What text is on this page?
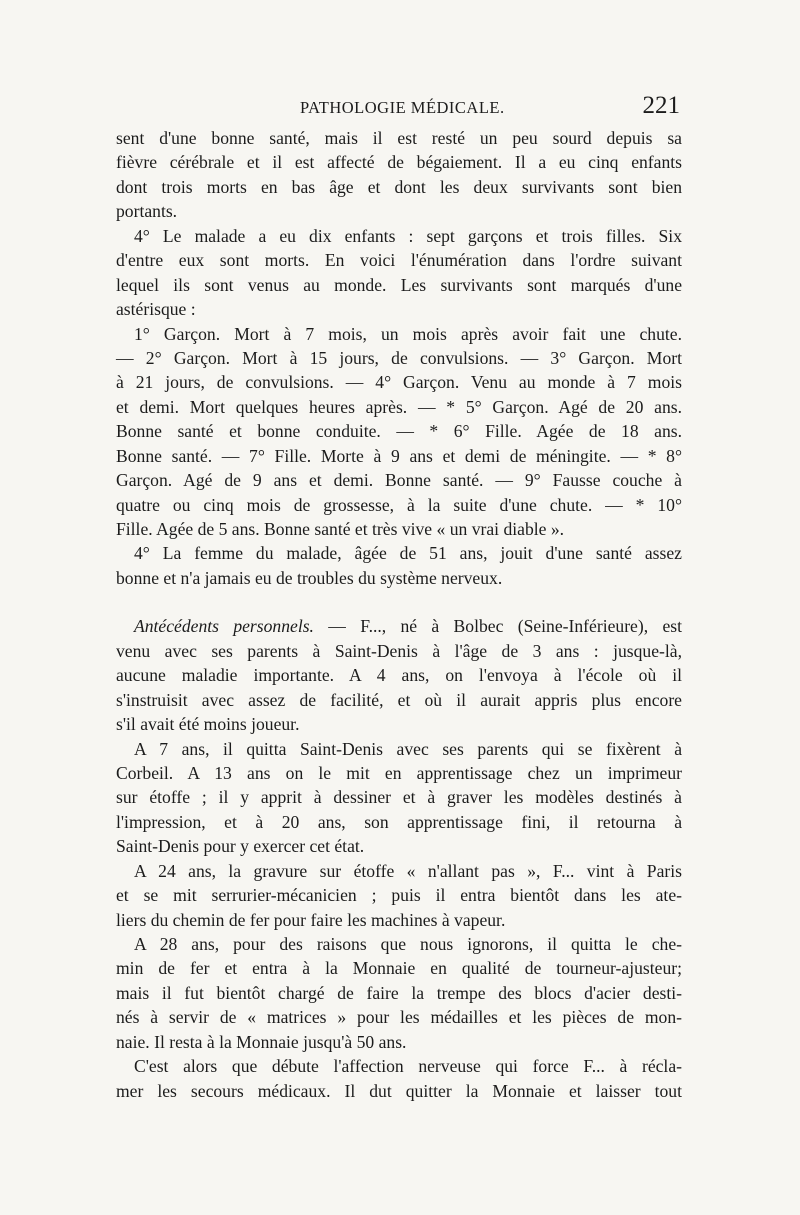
PATHOLOGIE MÉDICALE.	221
sent d'une bonne santé, mais il est resté un peu sourd depuis sa
fièvre cérébrale et il est affecté de bégaiement. Il a eu cinq enfants
dont trois morts en bas âge et dont les deux survivants sont bien
portants.
4° Le malade a eu dix enfants : sept garçons et trois filles. Six
d'entre eux sont morts. En voici l'énumération dans l'ordre suivant
lequel ils sont venus au monde. Les survivants sont marqués d'une
astérisque :
1° Garçon. Mort à 7 mois, un mois après avoir fait une chute.
— 2° Garçon. Mort à 15 jours, de convulsions. — 3° Garçon. Mort
à 21 jours, de convulsions. — 4° Garçon. Venu au monde à 7 mois
et demi. Mort quelques heures après. — * 5° Garçon. Agé de 20 ans.
Bonne santé et bonne conduite. — * 6° Fille. Agée de 18 ans.
Bonne santé. — 7° Fille. Morte à 9 ans et demi de méningite. — * 8°
Garçon. Agé de 9 ans et demi. Bonne santé. — 9° Fausse couche à
quatre ou cinq mois de grossesse, à la suite d'une chute. — * 10°
Fille. Agée de 5 ans. Bonne santé et très vive « un vrai diable ».
4° La femme du malade, âgée de 51 ans, jouit d'une santé assez
bonne et n'a jamais eu de troubles du système nerveux.
Antécédents personnels. — F..., né à Bolbec (Seine-Inférieure), est
venu avec ses parents à Saint-Denis à l'âge de 3 ans : jusque-là,
aucune maladie importante. A 4 ans, on l'envoya à l'école où il
s'instruisit avec assez de facilité, et où il aurait appris plus encore
s'il avait été moins joueur.
A 7 ans, il quitta Saint-Denis avec ses parents qui se fixèrent à
Corbeil. A 13 ans on le mit en apprentissage chez un imprimeur
sur étoffe ; il y apprit à dessiner et à graver les modèles destinés à
l'impression, et à 20 ans, son apprentissage fini, il retourna à
Saint-Denis pour y exercer cet état.
A 24 ans, la gravure sur étoffe « n'allant pas », F... vint à Paris
et se mit serrurier-mécanicien ; puis il entra bientôt dans les ate-
liers du chemin de fer pour faire les machines à vapeur.
A 28 ans, pour des raisons que nous ignorons, il quitta le che-
min de fer et entra à la Monnaie en qualité de tourneur-ajusteur;
mais il fut bientôt chargé de faire la trempe des blocs d'acier desti-
nés à servir de « matrices » pour les médailles et les pièces de mon-
naie. Il resta à la Monnaie jusqu'à 50 ans.
C'est alors que débute l'affection nerveuse qui force F... à récla-
mer les secours médicaux. Il dut quitter la Monnaie et laisser tout
